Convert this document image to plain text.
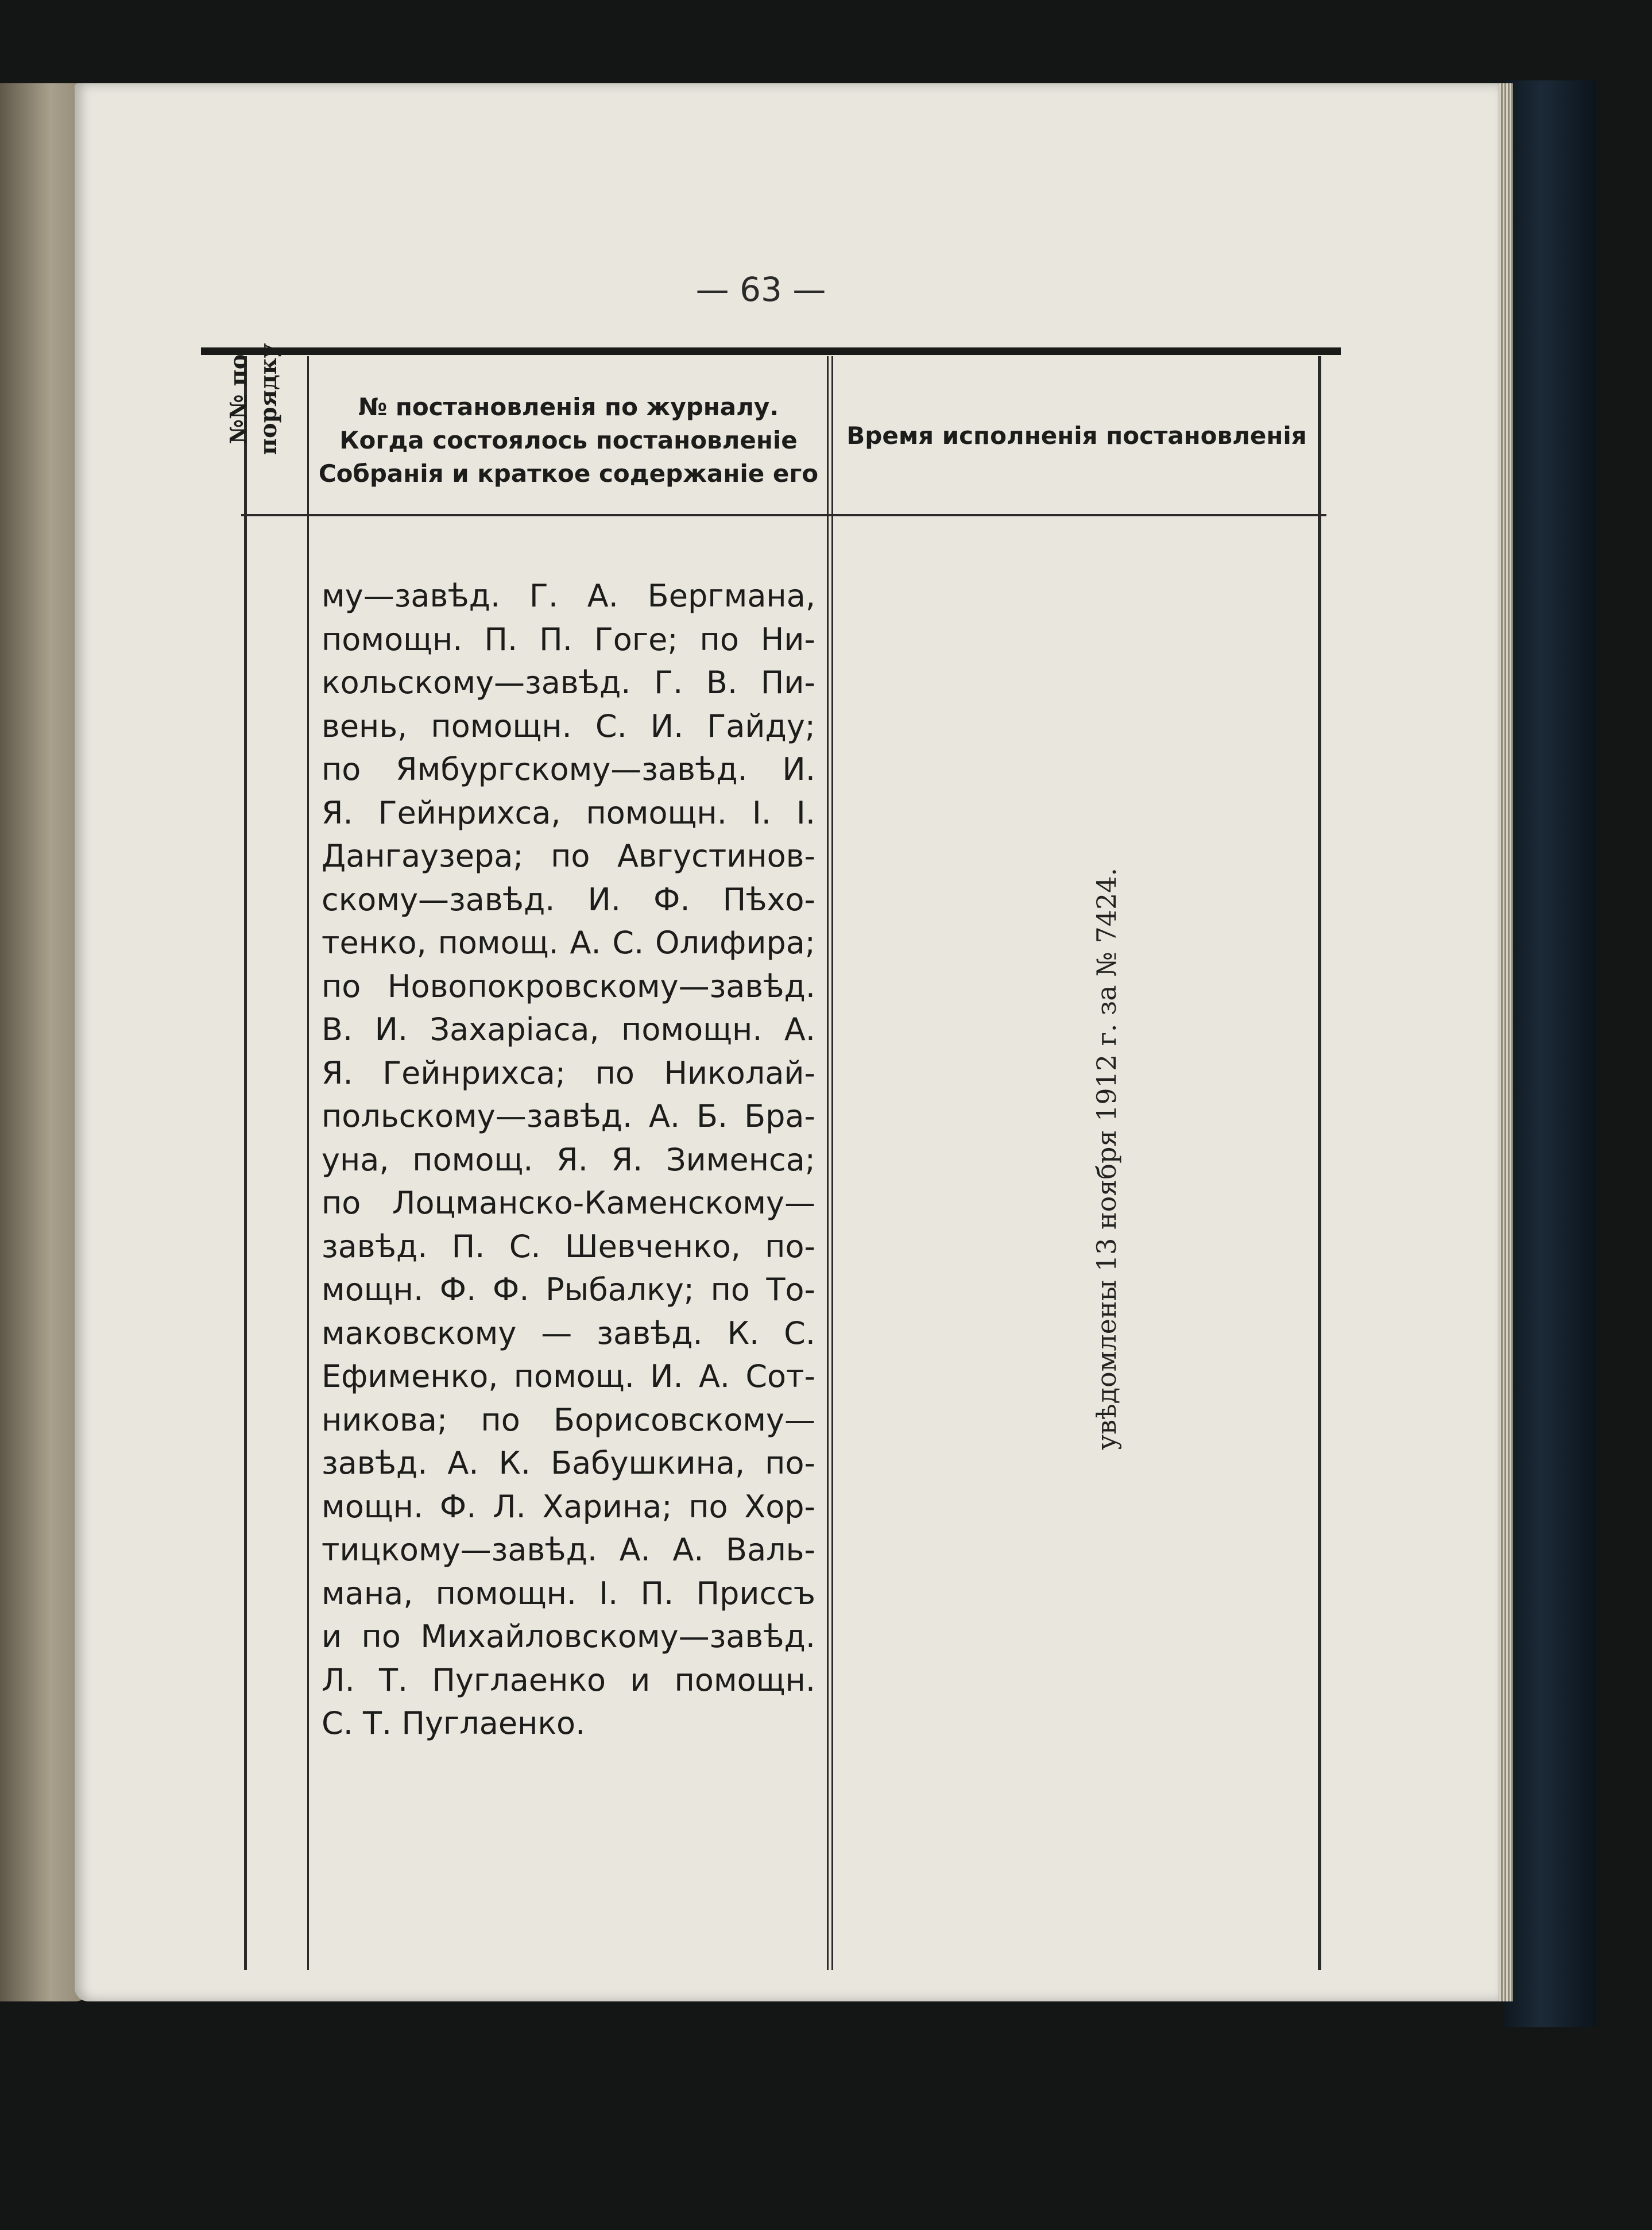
— 63 —
№№ по порядку	№ постановленія по журналу. Когда состоялось постановленіе Собранія и краткое содержаніе его
Время исполненія постановленія
му—завѣд. Г. А. Бергмана,
помощн. П. П. Гоге; по Ни-
кольскому—завѣд. Г. В. Пи-
вень, помощн. С. И. Гайду;
по Ямбургскому—завѣд. И.
Я. Гейнрихса, помощн. І. І.
Дангаузера; по Августинов-
скому—завѣд. И. Ф. Пѣхо-
тенко, помощ. А. С. Олифира;
по Новопокровскому—завѣд.
В. И. Захаріаса, помощн. А.
Я. Гейнрихса; по Николай-
польскому—завѣд. А. Б. Бра-
уна, помощ. Я. Я. Зименса;
по Лоцманско-Каменскому—
завѣд. П. С. Шевченко, по-
мощн. Ф. Ф. Рыбалку; по То-
маковскому — завѣд. К. С.
Ефименко, помощ. И. А. Сот-
никова; по Борисовскому—
завѣд. А. К. Бабушкина, по-
мощн. Ф. Л. Харина; по Хор-
тицкому—завѣд. А. А. Валь-
мана, помощн. І. П. Приссъ
и по Михайловскому—завѣд.
Л. Т. Пуглаенко и помощн.
С. Т. Пуглаенко.
увѣдомлены 13 ноября 1912 г. за № 7424.
